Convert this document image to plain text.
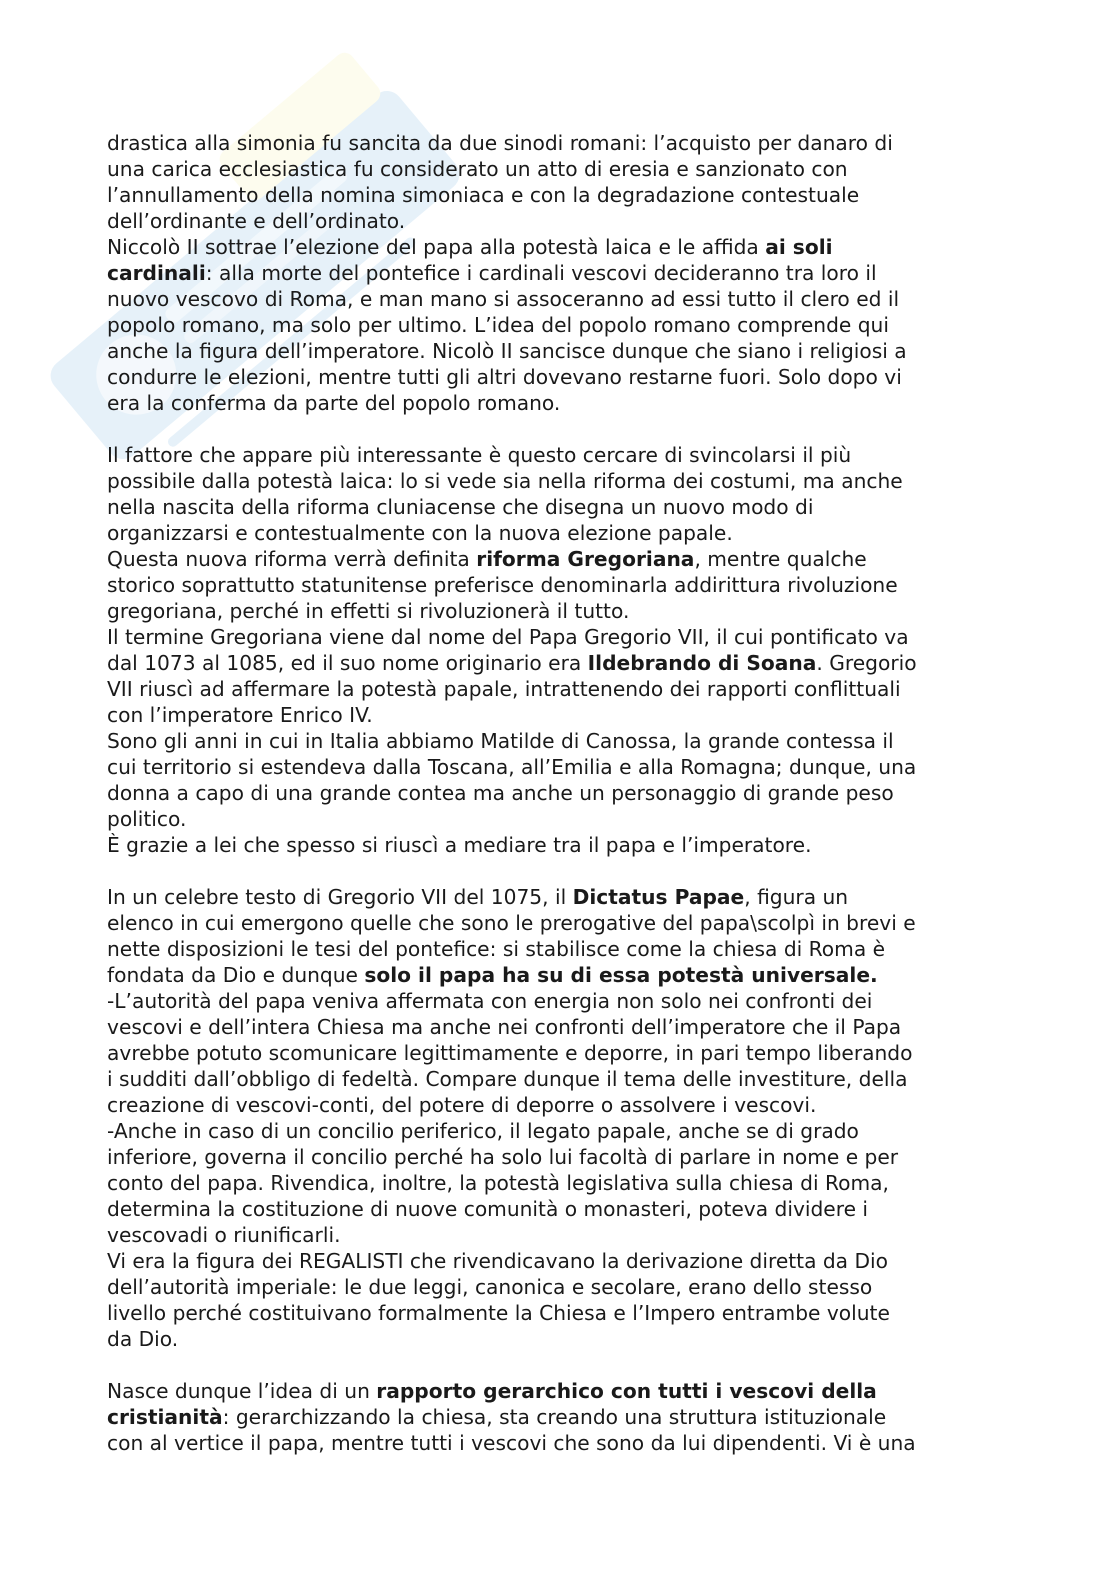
drastica alla simonia fu sancita da due sinodi romani: l’acquisto per danaro di
una carica ecclesiastica fu considerato un atto di eresia e sanzionato con
l’annullamento della nomina simoniaca e con la degradazione contestuale
dell’ordinante e dell’ordinato.
Niccolò II sottrae l’elezione del papa alla potestà laica e le affida ai soli
cardinali: alla morte del pontefice i cardinali vescovi decideranno tra loro il
nuovo vescovo di Roma, e man mano si assoceranno ad essi tutto il clero ed il
popolo romano, ma solo per ultimo. L’idea del popolo romano comprende qui
anche la figura dell’imperatore. Nicolò II sancisce dunque che siano i religiosi a
condurre le elezioni, mentre tutti gli altri dovevano restarne fuori. Solo dopo vi
era la conferma da parte del popolo romano.
Il fattore che appare più interessante è questo cercare di svincolarsi il più
possibile dalla potestà laica: lo si vede sia nella riforma dei costumi, ma anche
nella nascita della riforma cluniacense che disegna un nuovo modo di
organizzarsi e contestualmente con la nuova elezione papale.
Questa nuova riforma verrà definita riforma Gregoriana, mentre qualche
storico soprattutto statunitense preferisce denominarla addirittura rivoluzione
gregoriana, perché in effetti si rivoluzionerà il tutto.
Il termine Gregoriana viene dal nome del Papa Gregorio VII, il cui pontificato va
dal 1073 al 1085, ed il suo nome originario era Ildebrando di Soana. Gregorio
VII riuscì ad affermare la potestà papale, intrattenendo dei rapporti conflittuali
con l’imperatore Enrico IV.
Sono gli anni in cui in Italia abbiamo Matilde di Canossa, la grande contessa il
cui territorio si estendeva dalla Toscana, all’Emilia e alla Romagna; dunque, una
donna a capo di una grande contea ma anche un personaggio di grande peso
politico.
È grazie a lei che spesso si riuscì a mediare tra il papa e l’imperatore.
In un celebre testo di Gregorio VII del 1075, il Dictatus Papae, figura un
elenco in cui emergono quelle che sono le prerogative del papa\scolpì in brevi e
nette disposizioni le tesi del pontefice: si stabilisce come la chiesa di Roma è
fondata da Dio e dunque solo il papa ha su di essa potestà universale.
-L’autorità del papa veniva affermata con energia non solo nei confronti dei
vescovi e dell’intera Chiesa ma anche nei confronti dell’imperatore che il Papa
avrebbe potuto scomunicare legittimamente e deporre, in pari tempo liberando
i sudditi dall’obbligo di fedeltà. Compare dunque il tema delle investiture, della
creazione di vescovi-conti, del potere di deporre o assolvere i vescovi.
-Anche in caso di un concilio periferico, il legato papale, anche se di grado
inferiore, governa il concilio perché ha solo lui facoltà di parlare in nome e per
conto del papa. Rivendica, inoltre, la potestà legislativa sulla chiesa di Roma,
determina la costituzione di nuove comunità o monasteri, poteva dividere i
vescovadi o riunificarli.
Vi era la figura dei REGALISTI che rivendicavano la derivazione diretta da Dio
dell’autorità imperiale: le due leggi, canonica e secolare, erano dello stesso
livello perché costituivano formalmente la Chiesa e l’Impero entrambe volute
da Dio.
Nasce dunque l’idea di un rapporto gerarchico con tutti i vescovi della
cristianità: gerarchizzando la chiesa, sta creando una struttura istituzionale
con al vertice il papa, mentre tutti i vescovi che sono da lui dipendenti. Vi è una
